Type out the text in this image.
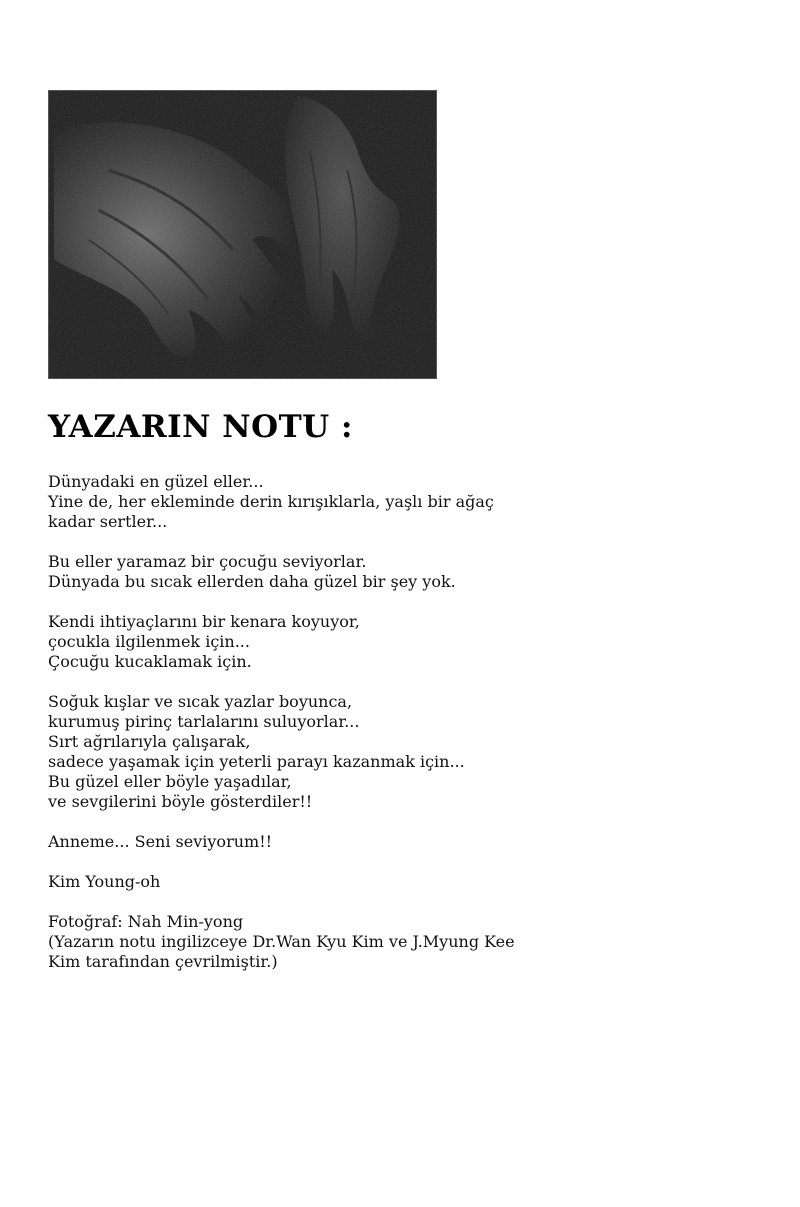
YAZARIN NOTU :

Dünyadaki en güzel eller...
Yine de, her ekleminde derin kırışıklarla, yaşlı bir ağaç
kadar sertler...

Bu eller yaramaz bir çocuğu seviyorlar.
Dünyada bu sıcak ellerden daha güzel bir şey yok.

Kendi ihtiyaçlarını bir kenara koyuyor,
çocukla ilgilenmek için...
Çocuğu kucaklamak için.

Soğuk kışlar ve sıcak yazlar boyunca,
kurumuş pirinç tarlalarını suluyorlar...
Sırt ağrılarıyla çalışarak,
sadece yaşamak için yeterli parayı kazanmak için...
Bu güzel eller böyle yaşadılar,
ve sevgilerini böyle gösterdiler!!

Anneme... Seni seviyorum!!

Kim Young-oh

Fotoğraf: Nah Min-yong
(Yazarın notu ingilizceye Dr.Wan Kyu Kim ve J.Myung Kee
Kim tarafından çevrilmiştir.)
